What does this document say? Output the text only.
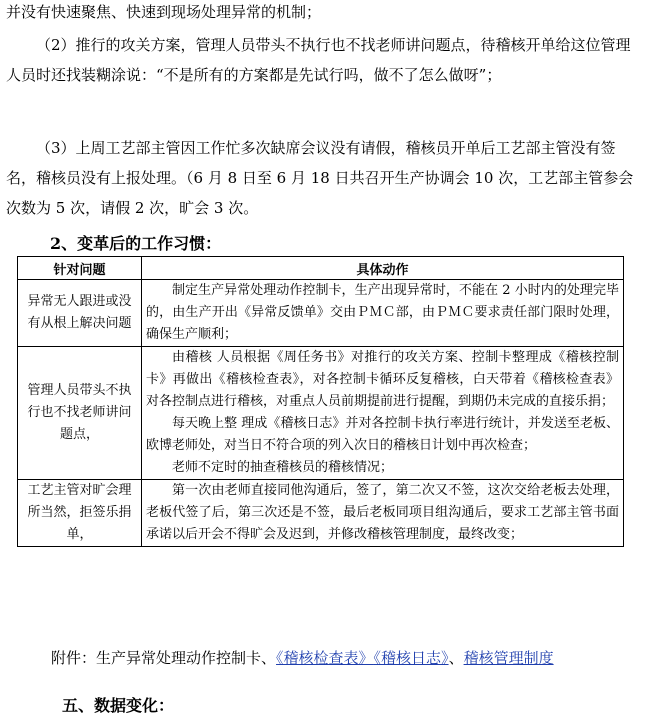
并没有快速聚焦、快速到现场处理异常的机制；

（2）推行的攻关方案，管理人员带头不执行也不找老师讲问题点，待稽核开单给这位管理人员时还找装糊涂说：“不是所有的方案都是先试行吗，做不了怎么做呀”；

（3）上周工艺部主管因工作忙多次缺席会议没有请假，稽核员开单后工艺部主管没有签名，稽核员没有上报处理。（6 月 8 日至 6 月 18 日共召开生产协调会 10 次，工艺部主管参会次数为 5 次，请假 2 次，旷会 3 次。

2、变革后的工作习惯：
针对问题	具体动作
异常无人跟进或没有从根上解决问题	制定生产异常处理动作控制卡，生产出现异常时，不能在 2 小时内的处理完毕的，由生产开出《异常反馈单》交由ＰＭＣ部，由ＰＭＣ要求责任部门限时处理，确保生产顺利；

管理人员带头不执行也不找老师讲问题点，	由稽核 人员根据《周任务书》对推行的攻关方案、控制卡整理成《稽核控制卡》再做出《稽核检查表》，对各控制卡循环反复稽核，白天带着《稽核检查表》对各控制点进行稽核，对重点人员前期提前进行提醒，到期仍未完成的直接乐捐；

每天晚上整 理成《稽核日志》并对各控制卡执行率进行统计，并发送至老板、欧博老师处，对当日不符合项的列入次日的稽核日计划中再次检查；

老师不定时的抽查稽核员的稽核情况；

工艺主管对旷会理所当然，拒签乐捐单，	第一次由老师直接同他沟通后，签了，第二次又不签，这次交给老板去处理，老板代签了后，第三次还是不签，最后老板同项目组沟通后，要求工艺部主管书面承诺以后开会不得旷会及迟到，并修改稽核管理制度，最终改变；

附件：生产异常处理动作控制卡、《稽核检查表》《稽核日志》、稽核管理制度
五、数据变化：
